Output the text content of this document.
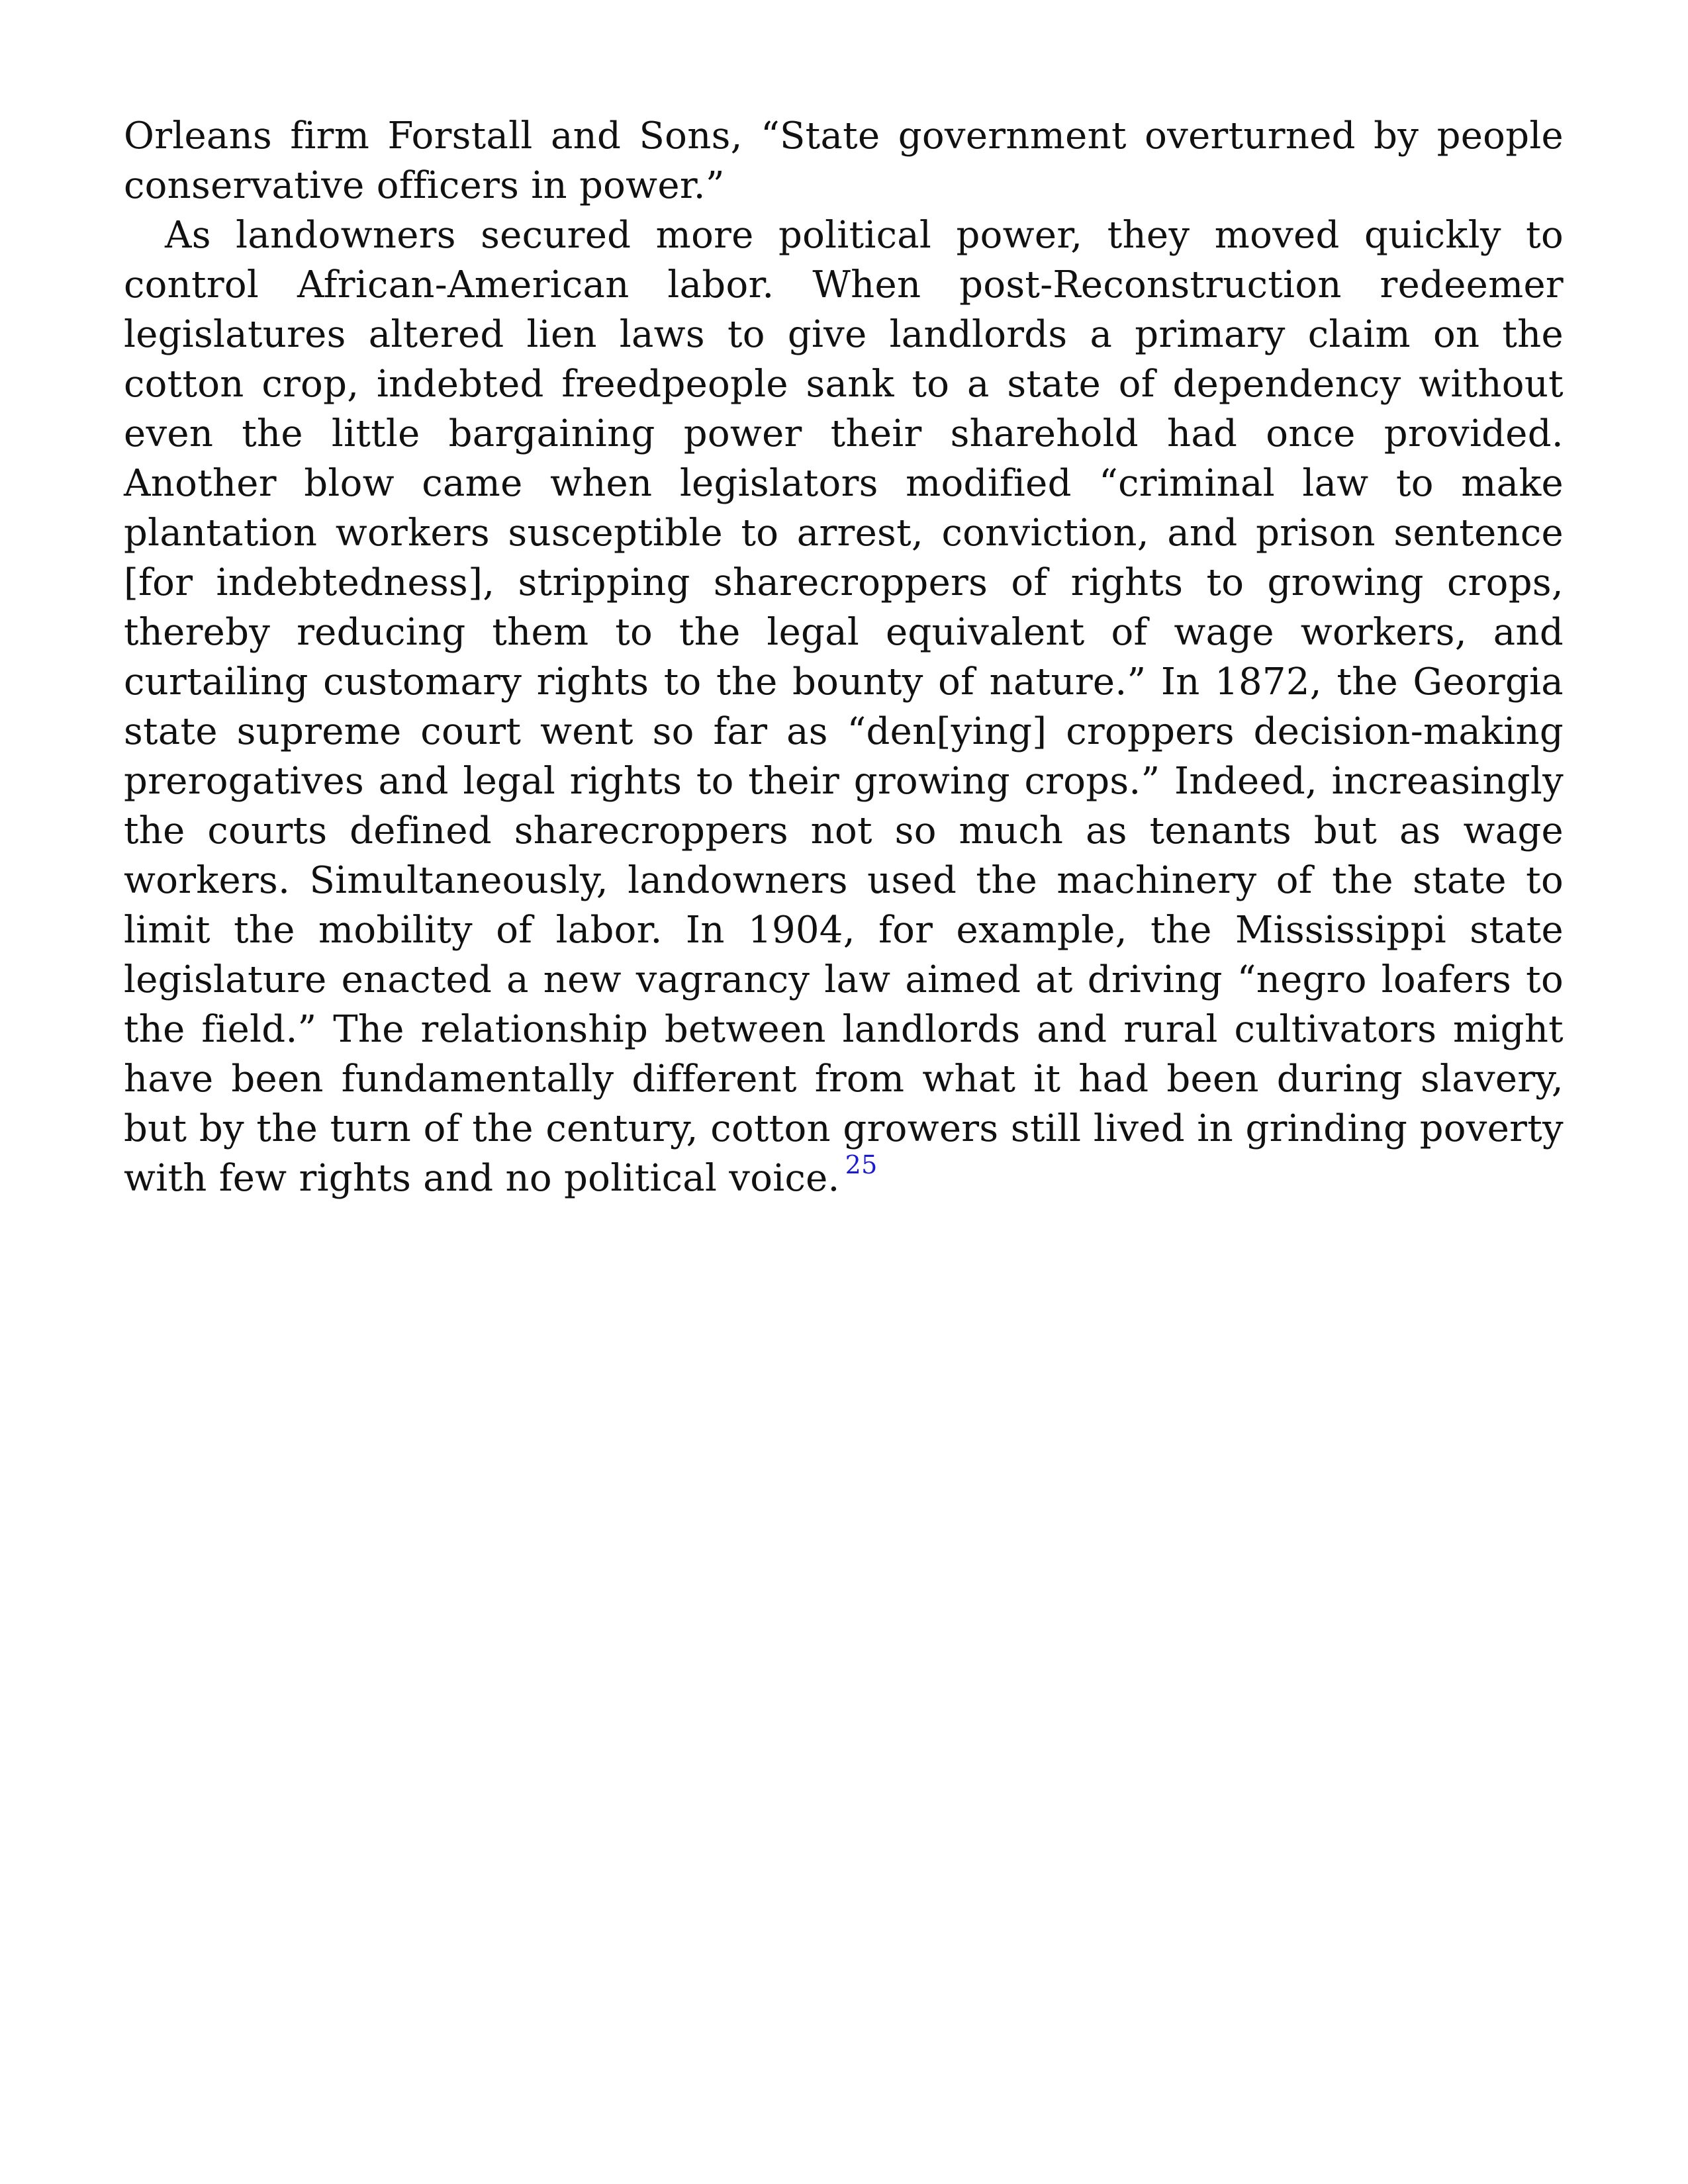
Orleans firm Forstall and Sons, “State government overturned by people conservative officers in power.”

As landowners secured more political power, they moved quickly to control African-American labor. When post-Reconstruction redeemer legislatures altered lien laws to give landlords a primary claim on the cotton crop, indebted freedpeople sank to a state of dependency without even the little bargaining power their sharehold had once provided. Another blow came when legislators modified “criminal law to make plantation workers susceptible to arrest, conviction, and prison sentence [for indebtedness], stripping sharecroppers of rights to growing crops, thereby reducing them to the legal equivalent of wage workers, and curtailing customary rights to the bounty of nature.” In 1872, the Georgia state supreme court went so far as “den[ying] croppers decision-making prerogatives and legal rights to their growing crops.” Indeed, increasingly the courts defined sharecroppers not so much as tenants but as wage workers. Simultaneously, landowners used the machinery of the state to limit the mobility of labor. In 1904, for example, the Mississippi state legislature enacted a new vagrancy law aimed at driving “negro loafers to the field.” The relationship between landlords and rural cultivators might have been fundamentally different from what it had been during slavery, but by the turn of the century, cotton growers still lived in grinding poverty with few rights and no political voice. $^{25}$
